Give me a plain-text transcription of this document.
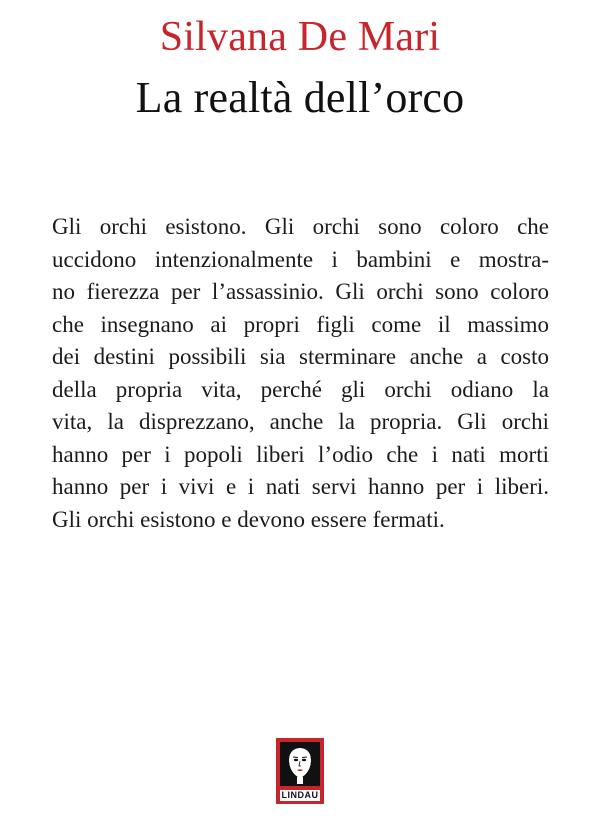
Silvana De Mari
La realtà dell’orco
Gli orchi esistono. Gli orchi sono coloro che
uccidono intenzionalmente i bambini e mostra-
no fierezza per l’assassinio. Gli orchi sono coloro
che insegnano ai propri figli come il massimo
dei destini possibili sia sterminare anche a costo
della propria vita, perché gli orchi odiano la
vita, la disprezzano, anche la propria. Gli orchi
hanno per i popoli liberi l’odio che i nati morti
hanno per i vivi e i nati servi hanno per i liberi.
Gli orchi esistono e devono essere fermati.
LINDAU
